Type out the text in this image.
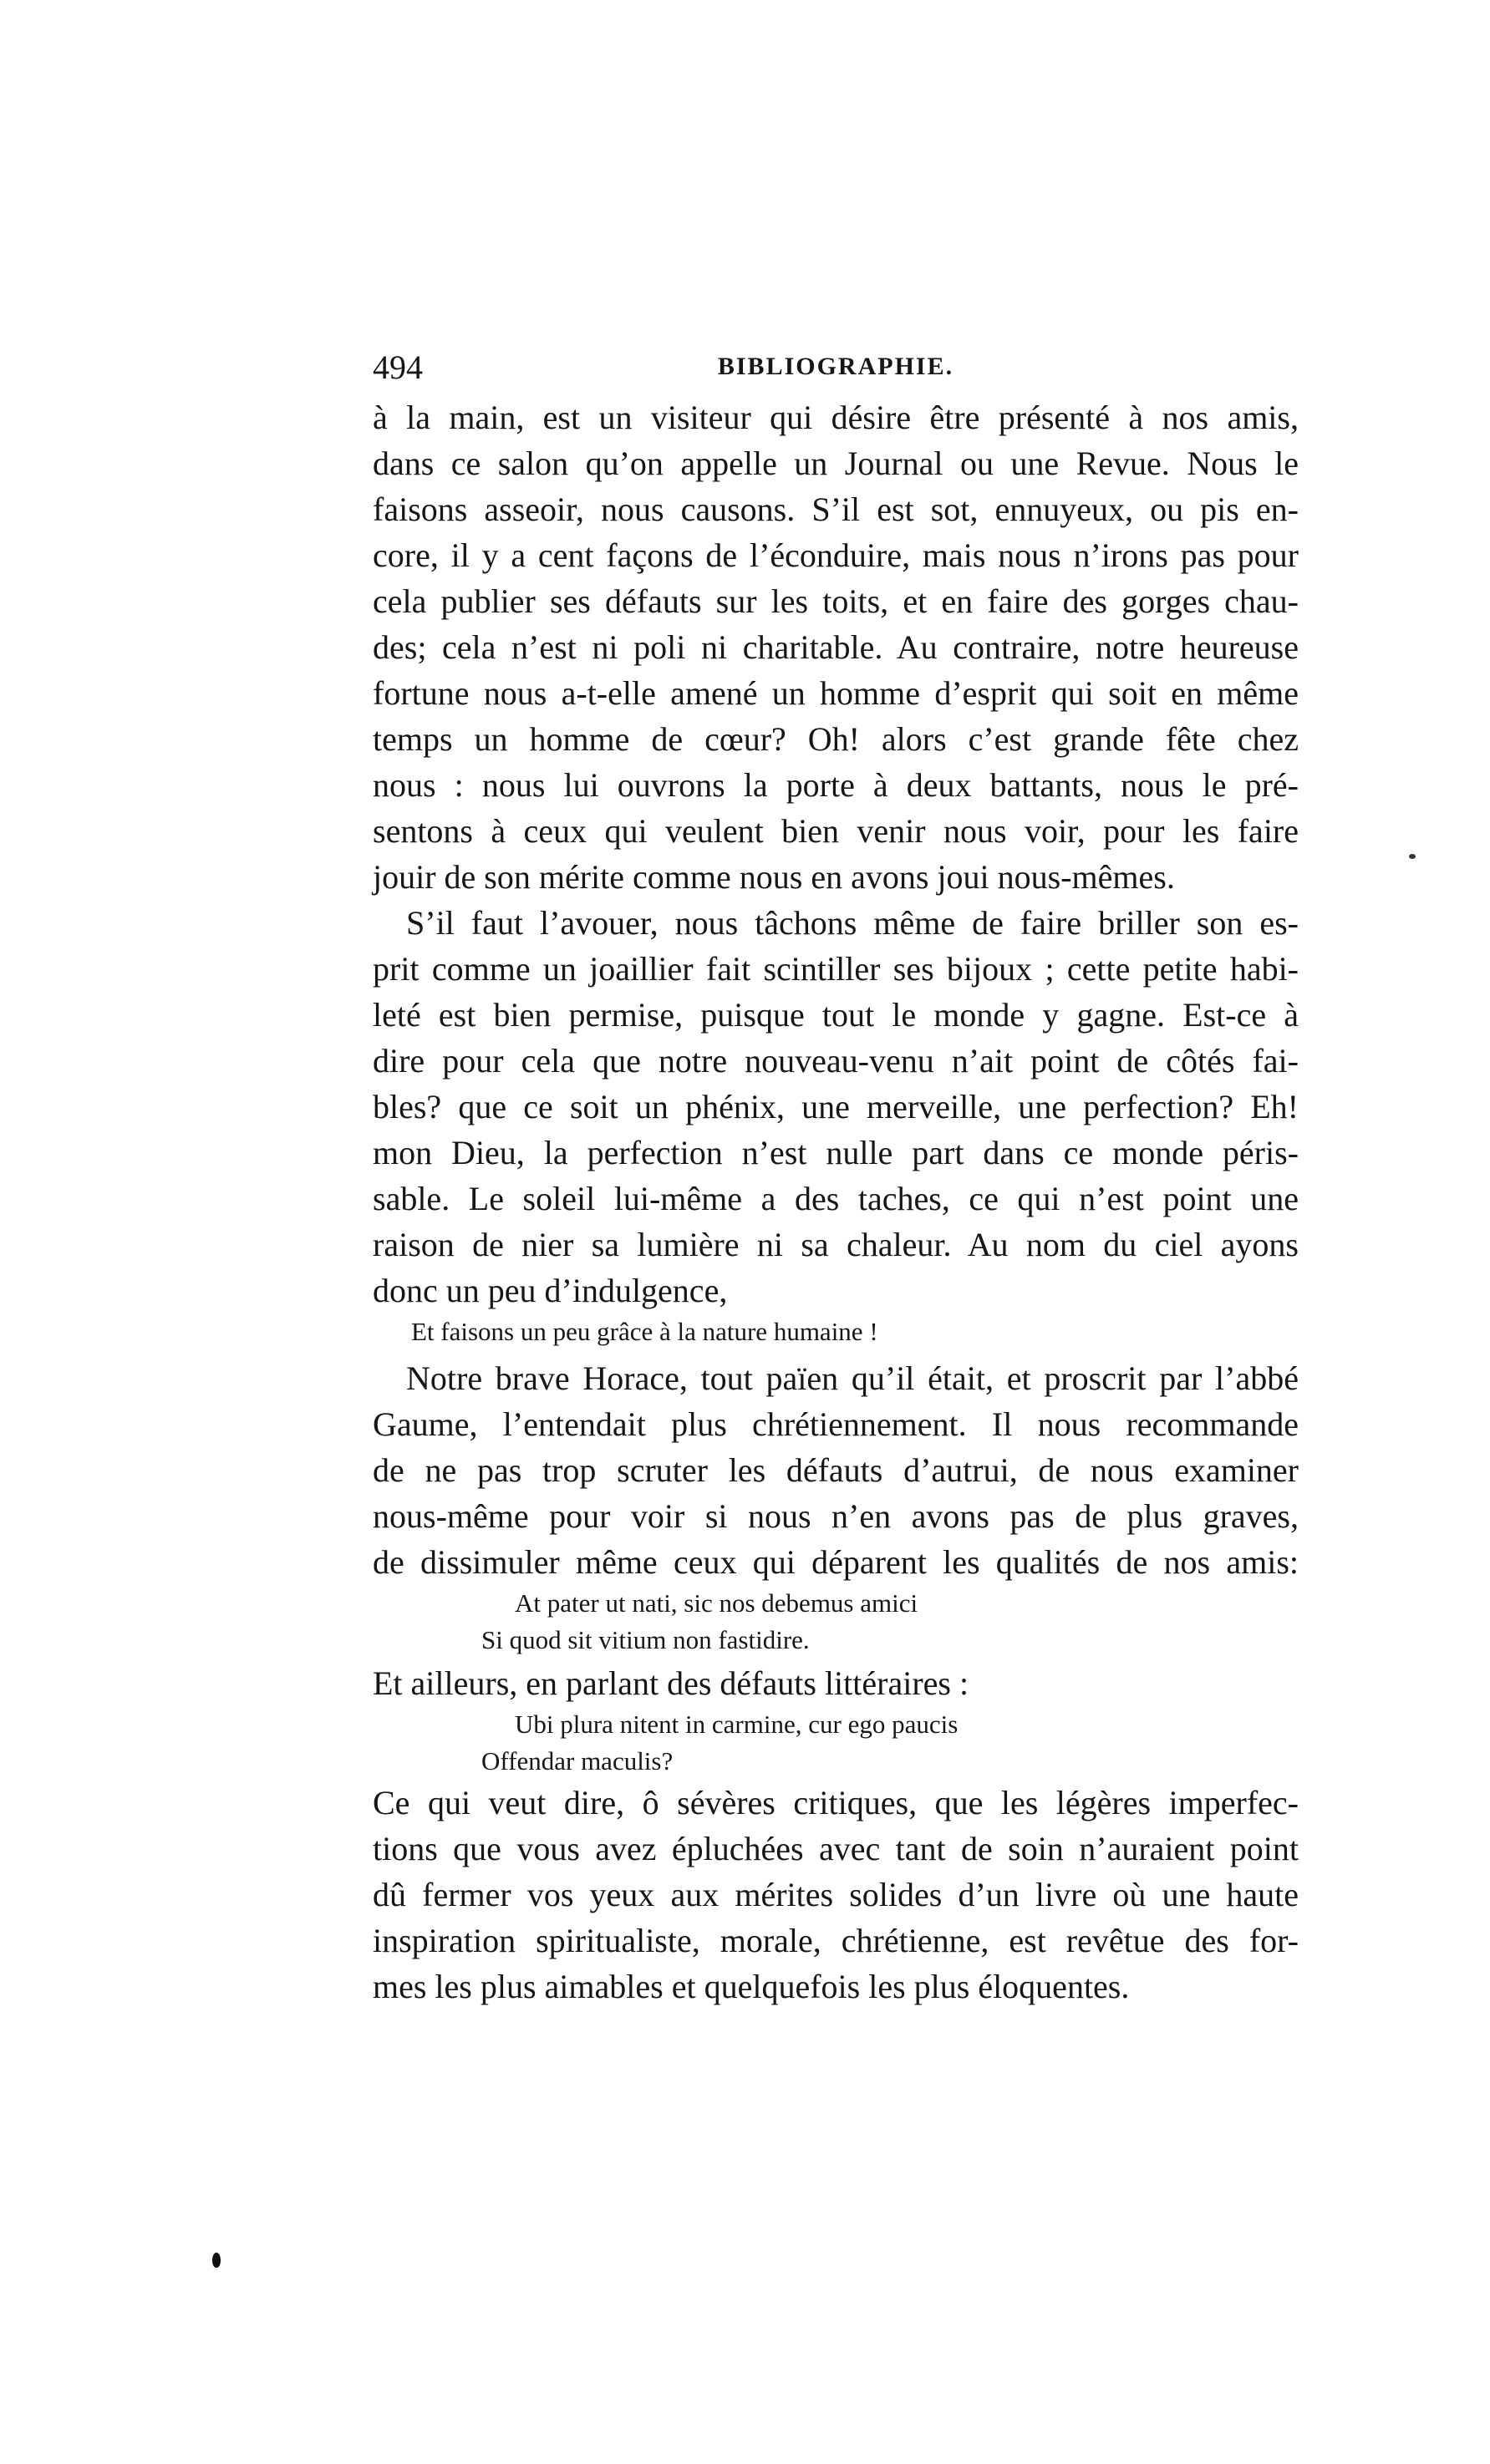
494	BIBLIOGRAPHIE.
à la main, est un visiteur qui désire être présenté à nos amis,
dans ce salon qu’on appelle un Journal ou une Revue. Nous le
faisons asseoir, nous causons. S’il est sot, ennuyeux, ou pis en-
core, il y a cent façons de l’éconduire, mais nous n’irons pas pour
cela publier ses défauts sur les toits, et en faire des gorges chau-
des; cela n’est ni poli ni charitable. Au contraire, notre heureuse
fortune nous a-t-elle amené un homme d’esprit qui soit en même
temps un homme de cœur? Oh! alors c’est grande fête chez
nous : nous lui ouvrons la porte à deux battants, nous le pré-
sentons à ceux qui veulent bien venir nous voir, pour les faire
jouir de son mérite comme nous en avons joui nous-mêmes.
S’il faut l’avouer, nous tâchons même de faire briller son es-
prit comme un joaillier fait scintiller ses bijoux ; cette petite habi-
leté est bien permise, puisque tout le monde y gagne. Est-ce à
dire pour cela que notre nouveau-venu n’ait point de côtés fai-
bles? que ce soit un phénix, une merveille, une perfection? Eh!
mon Dieu, la perfection n’est nulle part dans ce monde péris-
sable. Le soleil lui-même a des taches, ce qui n’est point une
raison de nier sa lumière ni sa chaleur. Au nom du ciel ayons
donc un peu d’indulgence,
Et faisons un peu grâce à la nature humaine !
Notre brave Horace, tout païen qu’il était, et proscrit par l’abbé
Gaume, l’entendait plus chrétiennement. Il nous recommande
de ne pas trop scruter les défauts d’autrui, de nous examiner
nous-même pour voir si nous n’en avons pas de plus graves,
de dissimuler même ceux qui déparent les qualités de nos amis:
At pater ut nati, sic nos debemus amici
Si quod sit vitium non fastidire.
Et ailleurs, en parlant des défauts littéraires :
Ubi plura nitent in carmine, cur ego paucis
Offendar maculis?
Ce qui veut dire, ô sévères critiques, que les légères imperfec-
tions que vous avez épluchées avec tant de soin n’auraient point
dû fermer vos yeux aux mérites solides d’un livre où une haute
inspiration spiritualiste, morale, chrétienne, est revêtue des for-
mes les plus aimables et quelquefois les plus éloquentes.
